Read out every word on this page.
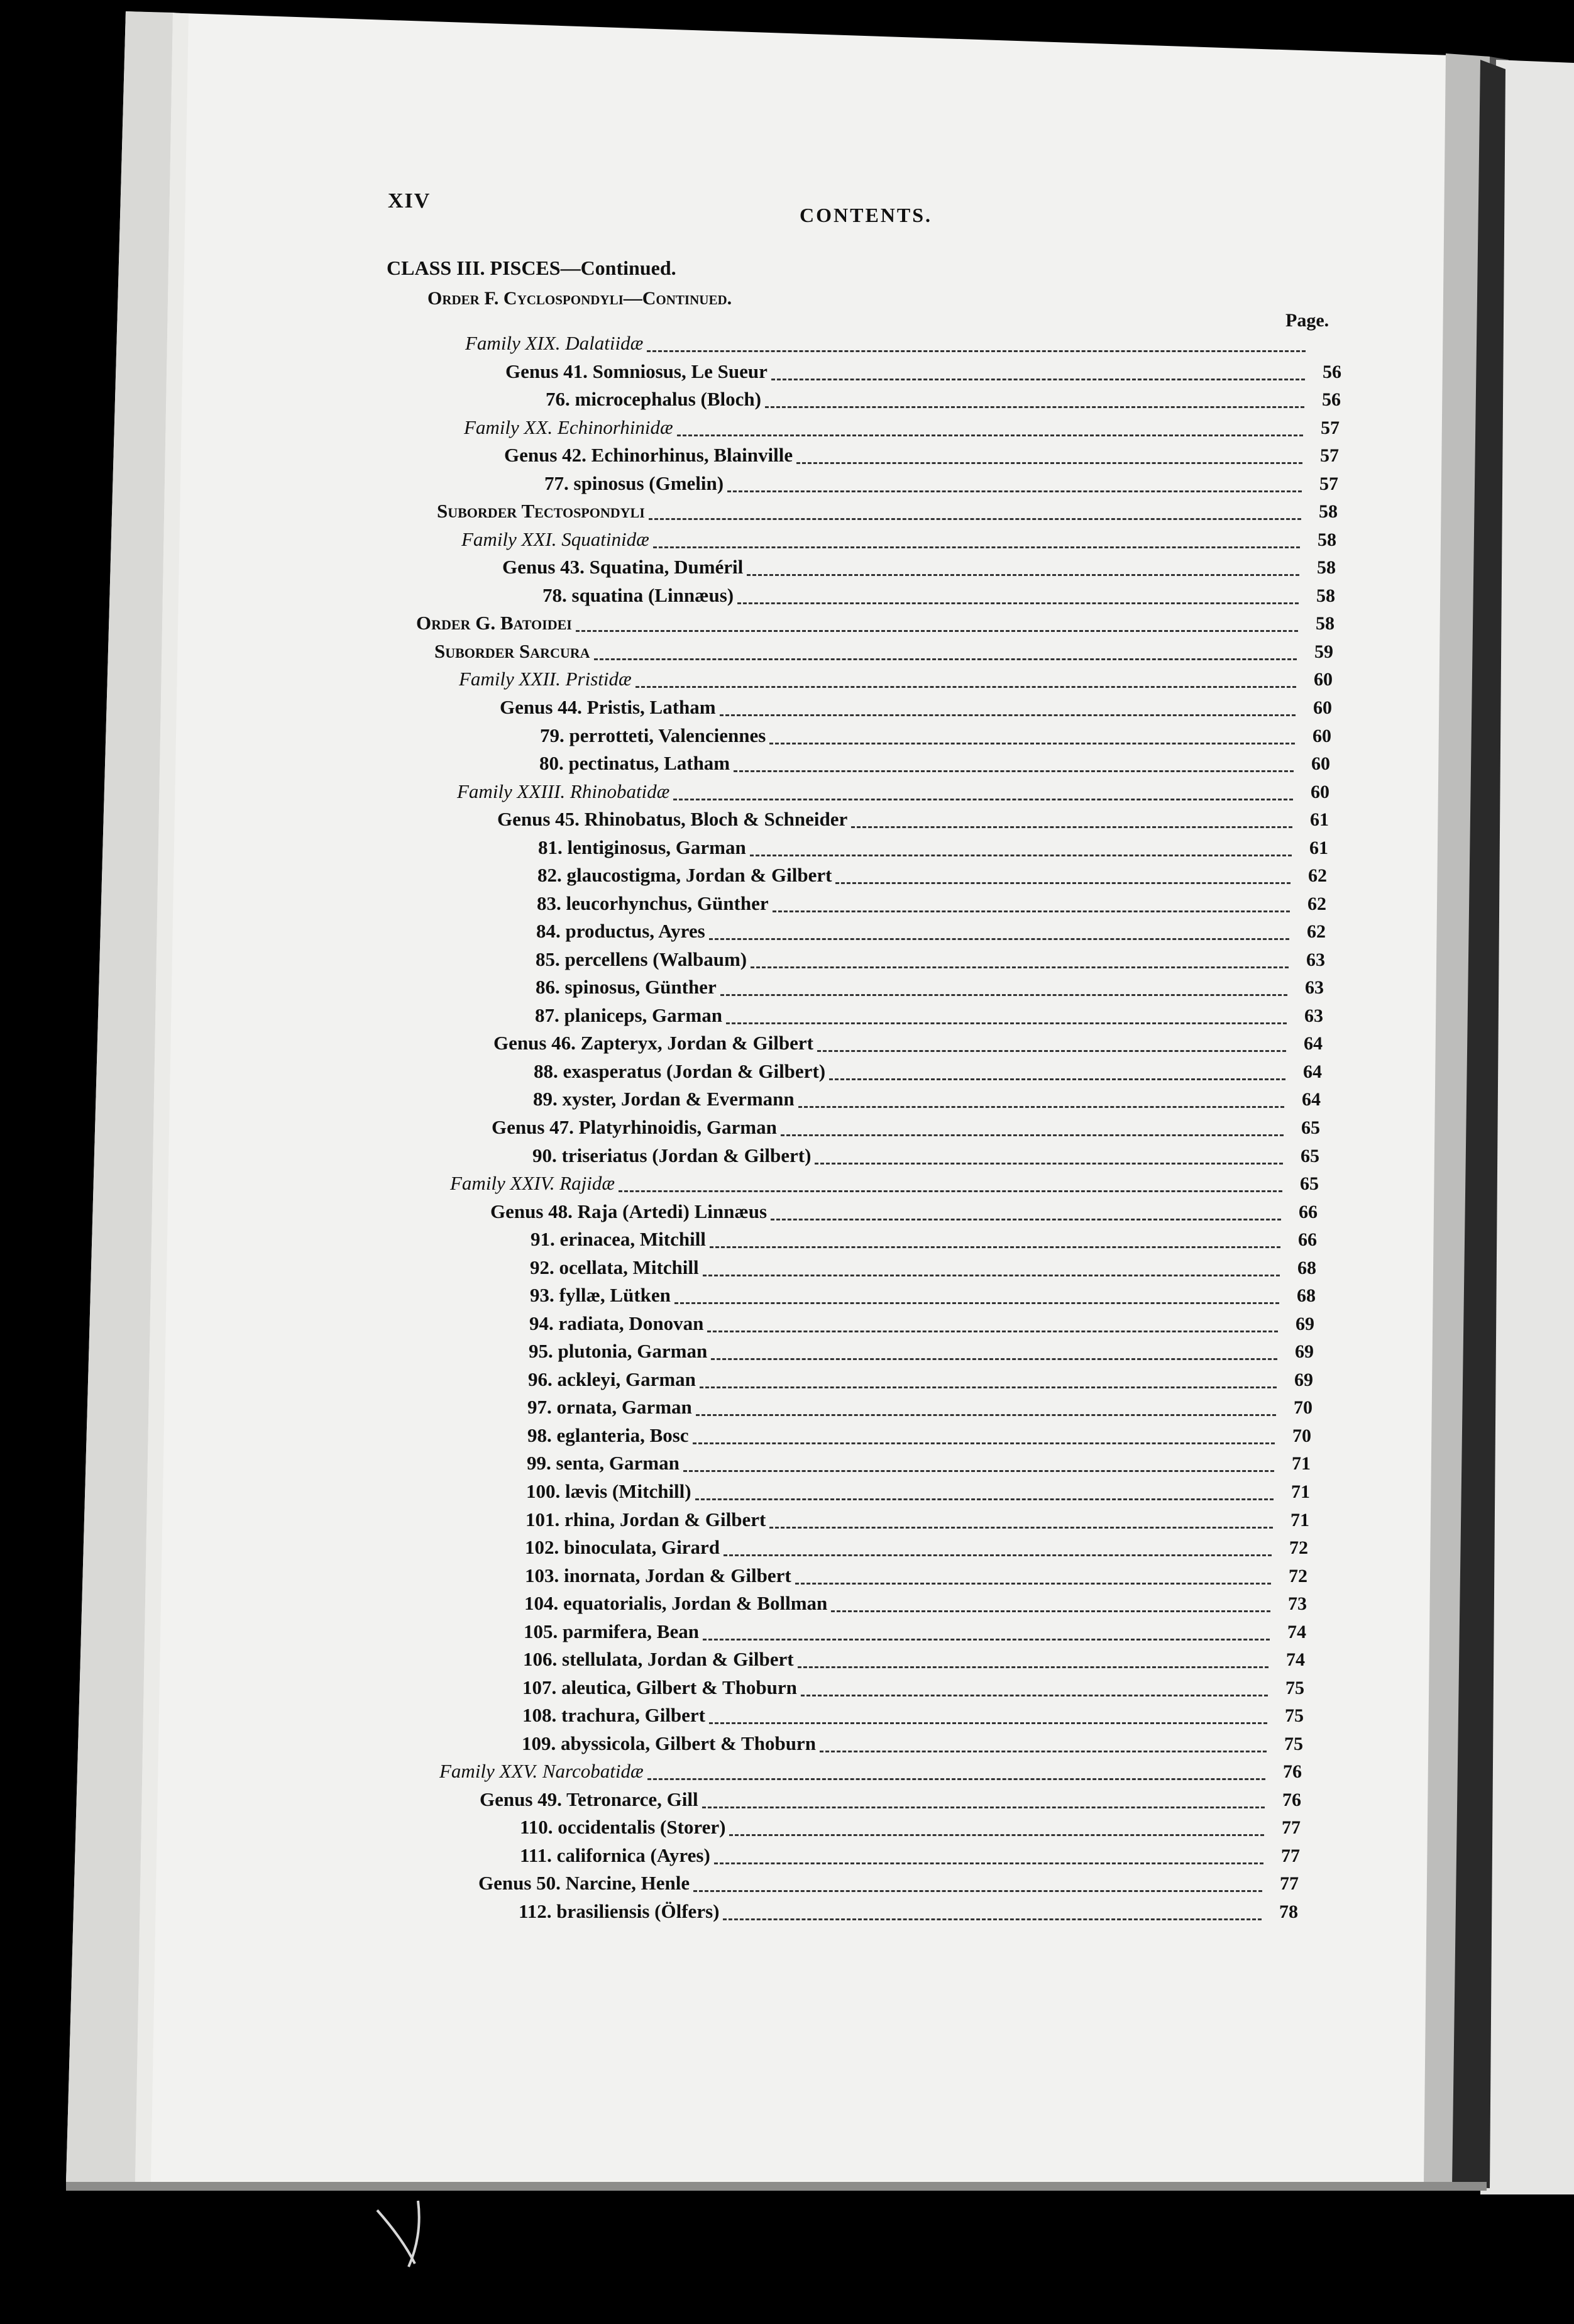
XIV
CONTENTS.
CLASS III. PISCES—Continued.
Order F. Cyclospondyli—Continued.
Page.
Family XIX. Dalatiidæ
Genus 41. Somniosus, Le Sueur	56
76. microcephalus (Bloch)	56
Family XX. Echinorhinidæ	57
Genus 42. Echinorhinus, Blainville	57
77. spinosus (Gmelin)	57
Suborder Tectospondyli	58
Family XXI. Squatinidæ	58
Genus 43. Squatina, Duméril	58
78. squatina (Linnæus)	58
Order G. Batoidei	58
Suborder Sarcura	59
Family XXII. Pristidæ	60
Genus 44. Pristis, Latham	60
79. perrotteti, Valenciennes	60
80. pectinatus, Latham	60
Family XXIII. Rhinobatidæ	60
Genus 45. Rhinobatus, Bloch & Schneider	61
81. lentiginosus, Garman	61
82. glaucostigma, Jordan & Gilbert	62
83. leucorhynchus, Günther	62
84. productus, Ayres	62
85. percellens (Walbaum)	63
86. spinosus, Günther	63
87. planiceps, Garman	63
Genus 46. Zapteryx, Jordan & Gilbert	64
88. exasperatus (Jordan & Gilbert)	64
89. xyster, Jordan & Evermann	64
Genus 47. Platyrhinoidis, Garman	65
90. triseriatus (Jordan & Gilbert)	65
Family XXIV. Rajidæ	65
Genus 48. Raja (Artedi) Linnæus	66
91. erinacea, Mitchill	66
92. ocellata, Mitchill	68
93. fyllæ, Lütken	68
94. radiata, Donovan	69
95. plutonia, Garman	69
96. ackleyi, Garman	69
97. ornata, Garman	70
98. eglanteria, Bosc	70
99. senta, Garman	71
100. lævis (Mitchill)	71
101. rhina, Jordan & Gilbert	71
102. binoculata, Girard	72
103. inornata, Jordan & Gilbert	72
104. equatorialis, Jordan & Bollman	73
105. parmifera, Bean	74
106. stellulata, Jordan & Gilbert	74
107. aleutica, Gilbert & Thoburn	75
108. trachura, Gilbert	75
109. abyssicola, Gilbert & Thoburn	75
Family XXV. Narcobatidæ	76
Genus 49. Tetronarce, Gill	76
110. occidentalis (Storer)	77
111. californica (Ayres)	77
Genus 50. Narcine, Henle	77
112. brasiliensis (Ölfers)	78
